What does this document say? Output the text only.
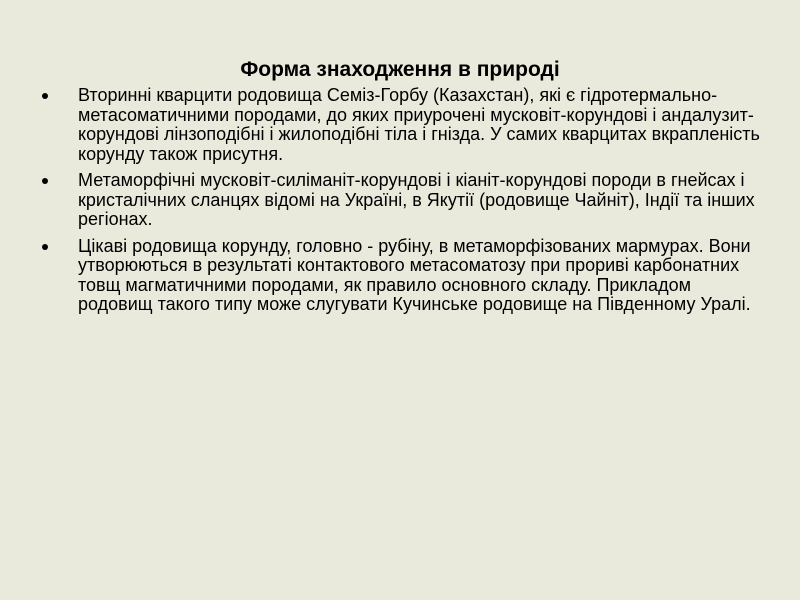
Форма знаходження в природі
Вторинні кварцити родовища Семіз-Горбу (Казахстан), які є гідротермально-метасоматичними породами, до яких приурочені мусковіт-корундові і андалузит-корундові лінзоподібні і жилоподібні тіла і гнізда. У самих кварцитах вкрапленість корунду також присутня.
Метаморфічні мусковіт-силіманіт-корундові і кіаніт-корундові породи в гнейсах і кристалічних сланцях відомі на Україні, в Якутії (родовище Чайніт), Індії та інших регіонах.
Цікаві родовища корунду, головно - рубіну, в метаморфізованих мармурах. Вони утворюються в результаті контактового метасоматозу при прориві карбонатних товщ магматичними породами, як правило основного складу. Прикладом родовищ такого типу може слугувати Кучинське родовище на Південному Уралі.
